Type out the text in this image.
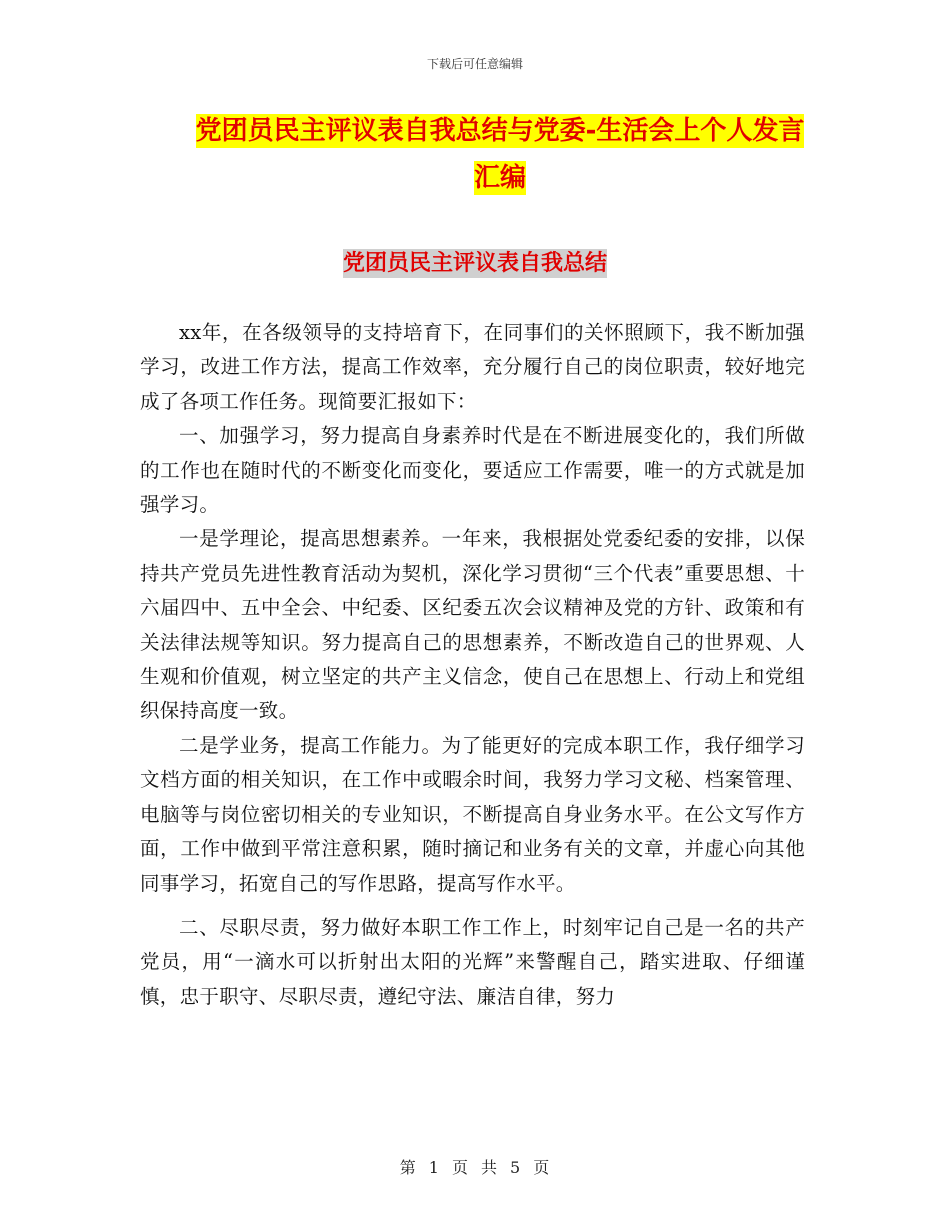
下载后可任意编辑
党团员民主评议表自我总结与党委-生活会上个人发言
汇编
党团员民主评议表自我总结

xx年，在各级领导的支持培育下，在同事们的关怀照顾下，我不断加强学习，改进工作方法，提高工作效率，充分履行自己的岗位职责，较好地完成了各项工作任务。现简要汇报如下：

一、加强学习，努力提高自身素养时代是在不断进展变化的，我们所做的工作也在随时代的不断变化而变化，要适应工作需要，唯一的方式就是加强学习。

一是学理论，提高思想素养。一年来，我根据处党委纪委的安排，以保持共产党员先进性教育活动为契机，深化学习贯彻“三个代表”重要思想、十六届四中、五中全会、中纪委、区纪委五次会议精神及党的方针、政策和有关法律法规等知识。努力提高自己的思想素养，不断改造自己的世界观、人生观和价值观，树立坚定的共产主义信念，使自己在思想上、行动上和党组织保持高度一致。

二是学业务，提高工作能力。为了能更好的完成本职工作，我仔细学习文档方面的相关知识，在工作中或暇余时间，我努力学习文秘、档案管理、电脑等与岗位密切相关的专业知识，不断提高自身业务水平。在公文写作方面，工作中做到平常注意积累，随时摘记和业务有关的文章，并虚心向其他同事学习，拓宽自己的写作思路，提高写作水平。

二、尽职尽责，努力做好本职工作工作上，时刻牢记自己是一名的共产党员，用“一滴水可以折射出太阳的光辉”来警醒自己，踏实进取、仔细谨慎，忠于职守、尽职尽责，遵纪守法、廉洁自律，努力

第 1 页 共 5 页
